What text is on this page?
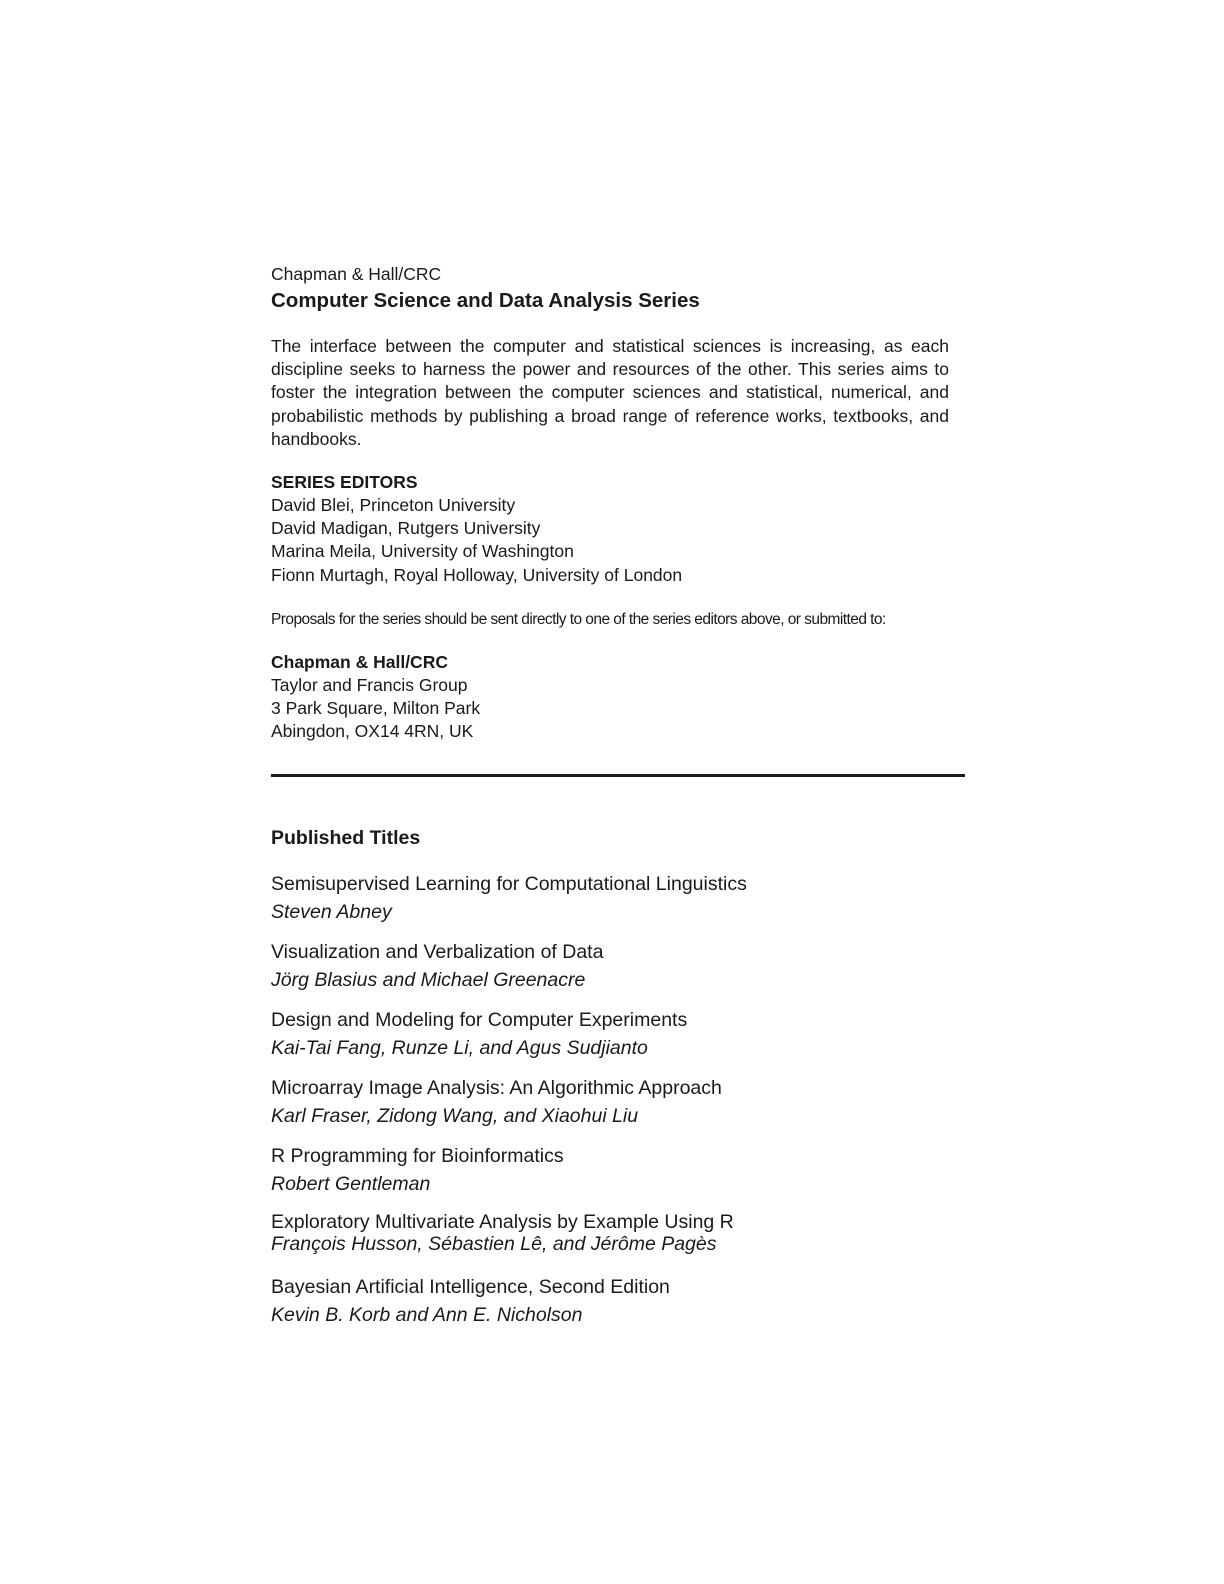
Chapman & Hall/CRC

Computer Science and Data Analysis Series

The interface between the computer and statistical sciences is increasing, as each discipline seeks to harness the power and resources of the other. This series aims to foster the integration between the computer sciences and statistical, numerical, and probabilistic methods by publishing a broad range of reference works, textbooks, and handbooks.

SERIES EDITORS

David Blei, Princeton University

David Madigan, Rutgers University

Marina Meila, University of Washington

Fionn Murtagh, Royal Holloway, University of London

Proposals for the series should be sent directly to one of the series editors above, or submitted to:

Chapman & Hall/CRC

Taylor and Francis Group

3 Park Square, Milton Park

Abingdon, OX14 4RN, UK

Published Titles
Semisupervised Learning for Computational Linguistics
Steven Abney
Visualization and Verbalization of Data
Jörg Blasius and Michael Greenacre
Design and Modeling for Computer Experiments
Kai-Tai Fang, Runze Li, and Agus Sudjianto
Microarray Image Analysis: An Algorithmic Approach
Karl Fraser, Zidong Wang, and Xiaohui Liu
R Programming for Bioinformatics
Robert Gentleman
Exploratory Multivariate Analysis by Example Using R
François Husson, Sébastien Lê, and Jérôme Pagès
Bayesian Artificial Intelligence, Second Edition
Kevin B. Korb and Ann E. Nicholson
